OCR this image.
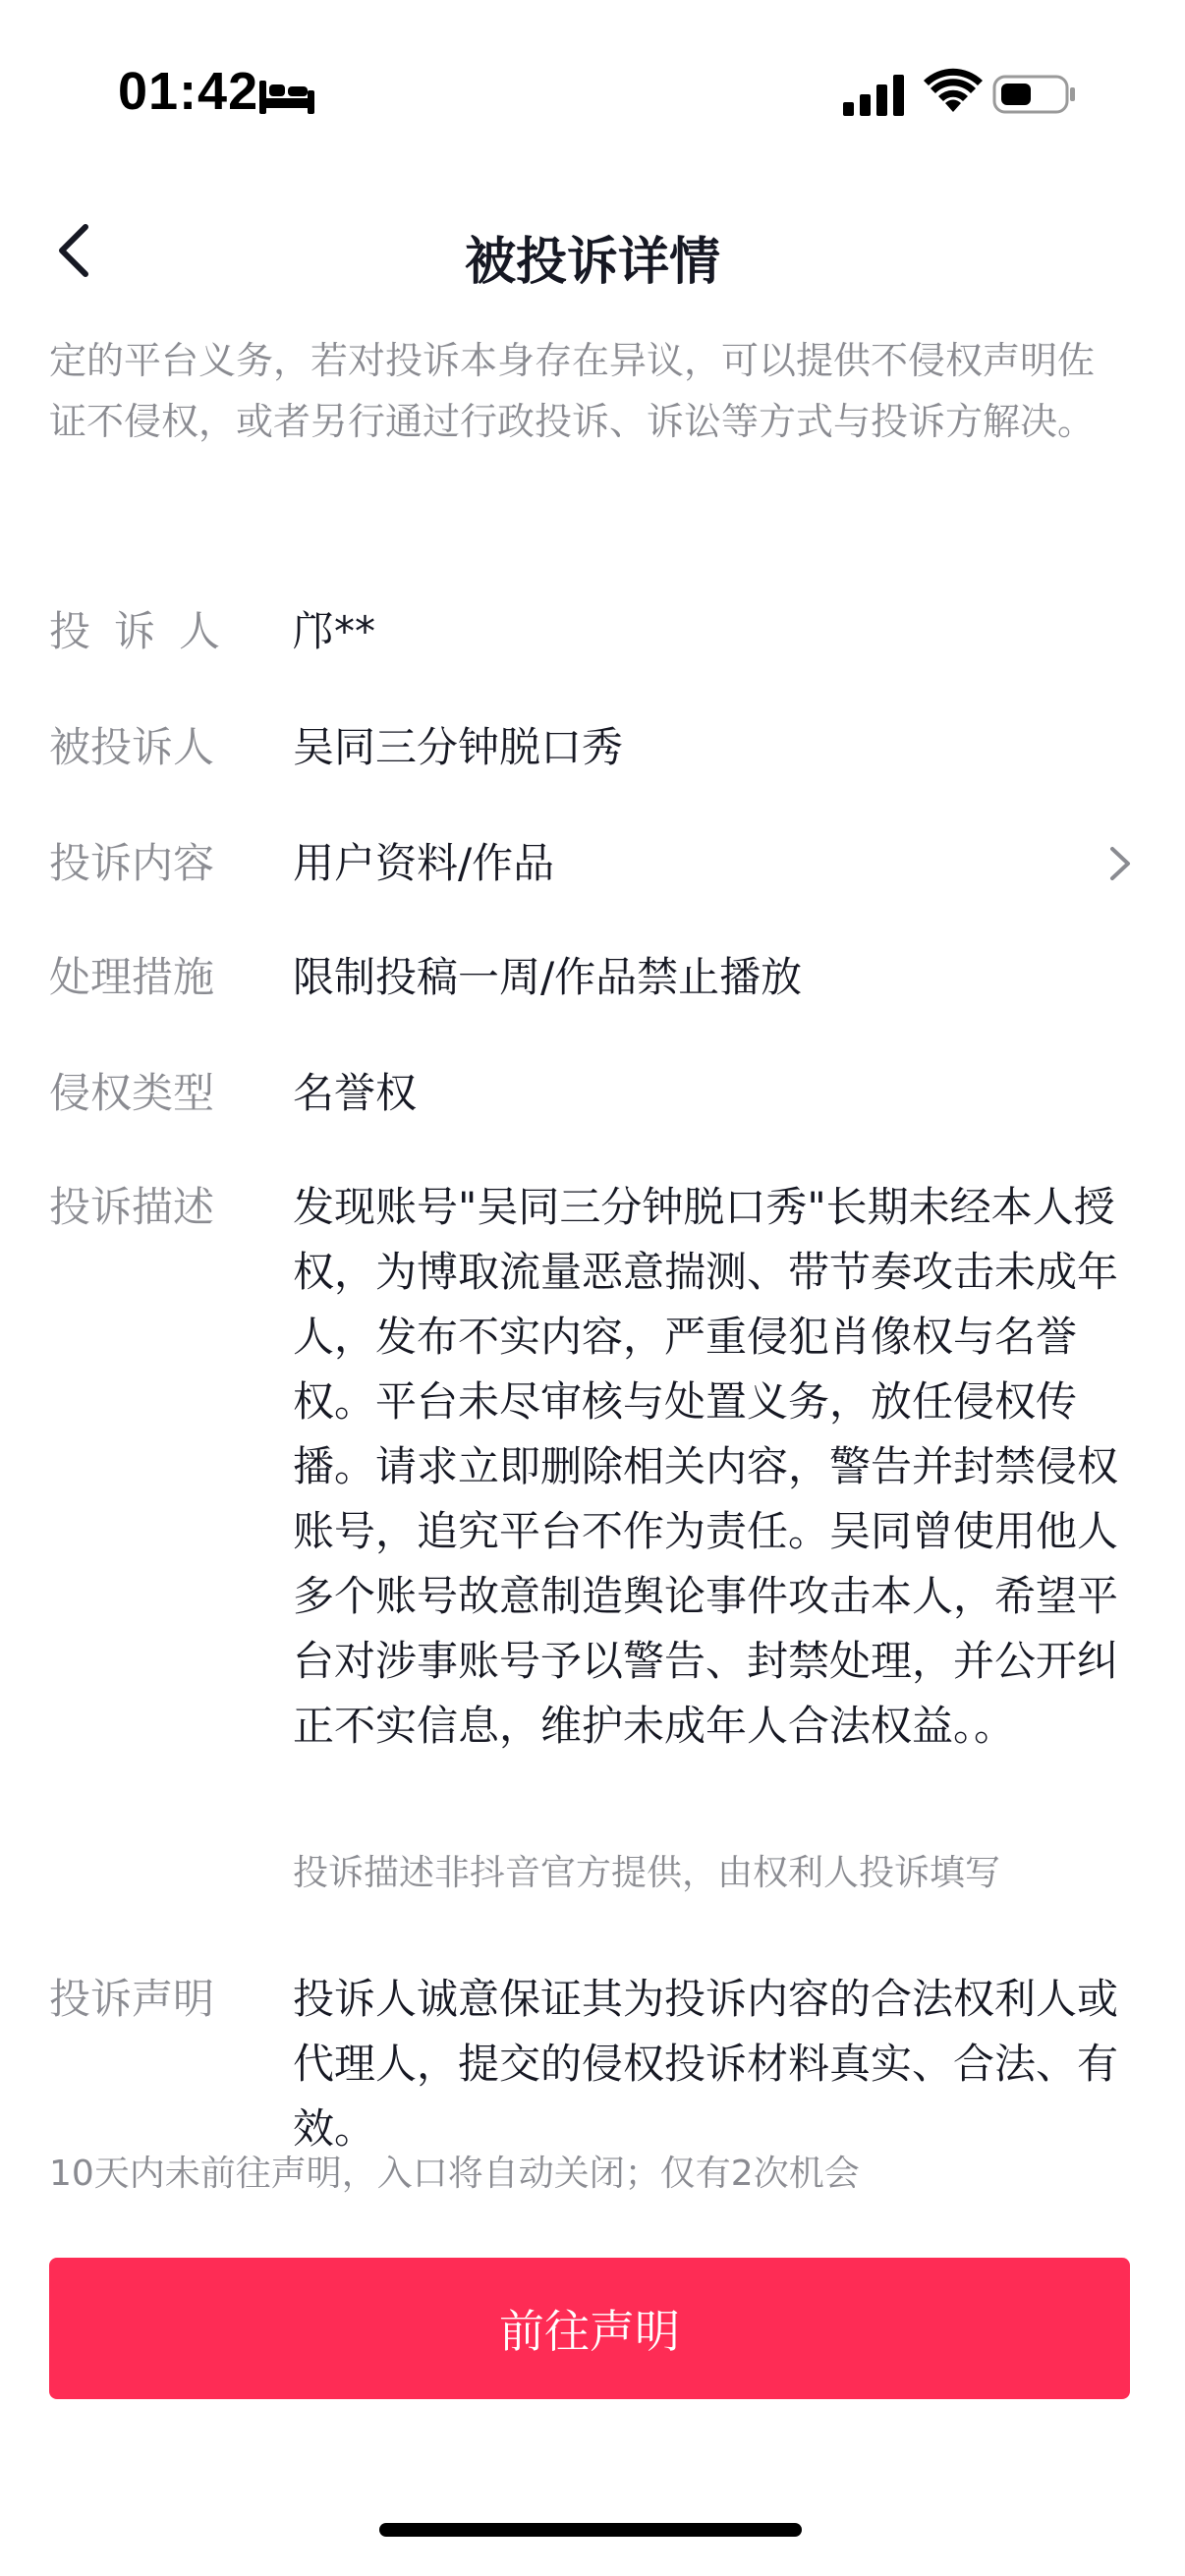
01:42
被投诉详情
定的平台义务，若对投诉本身存在异议，可以提供不侵权声明佐证不侵权，或者另行通过行政投诉、诉讼等方式与投诉方解决。
投诉人 邝**
被投诉人	吴同三分钟脱口秀
投诉内容	用户资料/作品
处理措施	限制投稿一周/作品禁止播放
侵权类型	名誉权
投诉描述	发现账号"吴同三分钟脱口秀"长期未经本人授权，为博取流量恶意揣测、带节奏攻击未成年人，发布不实内容，严重侵犯肖像权与名誉权。平台未尽审核与处置义务，放任侵权传播。请求立即删除相关内容，警告并封禁侵权账号，追究平台不作为责任。吴同曾使用他人多个账号故意制造舆论事件攻击本人，希望平台对涉事账号予以警告、封禁处理，并公开纠正不实信息，维护未成年人合法权益。。
投诉描述非抖音官方提供，由权利人投诉填写
投诉声明	投诉人诚意保证其为投诉内容的合法权利人或代理人，提交的侵权投诉材料真实、合法、有效。
10天内未前往声明，入口将自动关闭；仅有2次机会
前往声明
